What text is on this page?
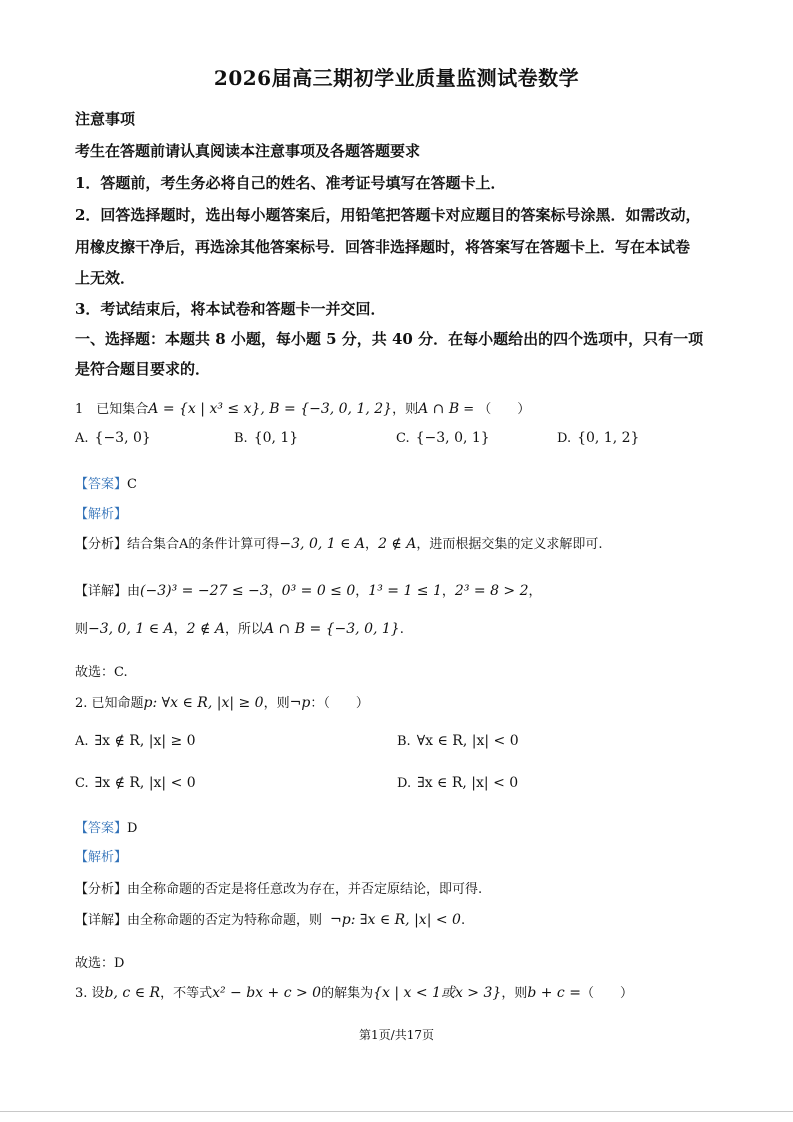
2026届高三期初学业质量监测试卷数学
注意事项
考生在答题前请认真阅读本注意事项及各题答题要求
1．答题前，考生务必将自己的姓名、准考证号填写在答题卡上．
2．回答选择题时，选出每小题答案后，用铅笔把答题卡对应题目的答案标号涂黑．如需改动，
用橡皮擦干净后，再选涂其他答案标号．回答非选择题时，将答案写在答题卡上．写在本试卷
上无效．
3．考试结束后，将本试卷和答题卡一并交回．
一、选择题：本题共 8 小题，每小题 5 分，共 40 分．在每小题给出的四个选项中，只有一项
是符合题目要求的．
1　已知集合A = {x | x³ ≤ x}, B = {−3, 0, 1, 2}，则A ∩ B = （　　）
A. {−3, 0}	B. {0, 1}	C. {−3, 0, 1}	D. {0, 1, 2}
【答案】C
【解析】
【分析】结合集合A的条件计算可得−3, 0, 1 ∈ A，2 ∉ A，进而根据交集的定义求解即可.
【详解】由(−3)³ = −27 ≤ −3，0³ = 0 ≤ 0，1³ = 1 ≤ 1，2³ = 8 > 2，
则−3, 0, 1 ∈ A，2 ∉ A，所以A ∩ B = {−3, 0, 1}.
故选：C.
2. 已知命题p: ∀x ∈ R, |x| ≥ 0，则¬p：（　　）
A. ∃x ∉ R, |x| ≥ 0	B. ∀x ∈ R, |x| < 0
C. ∃x ∉ R, |x| < 0	D. ∃x ∈ R, |x| < 0
【答案】D
【解析】
【分析】由全称命题的否定是将任意改为存在，并否定原结论，即可得.
【详解】由全称命题的否定为特称命题，则 ¬p: ∃x ∈ R, |x| < 0.
故选：D
3. 设b, c ∈ R，不等式x² − bx + c > 0的解集为{x | x < 1或x > 3}，则b + c =（　　）
第1页/共17页
